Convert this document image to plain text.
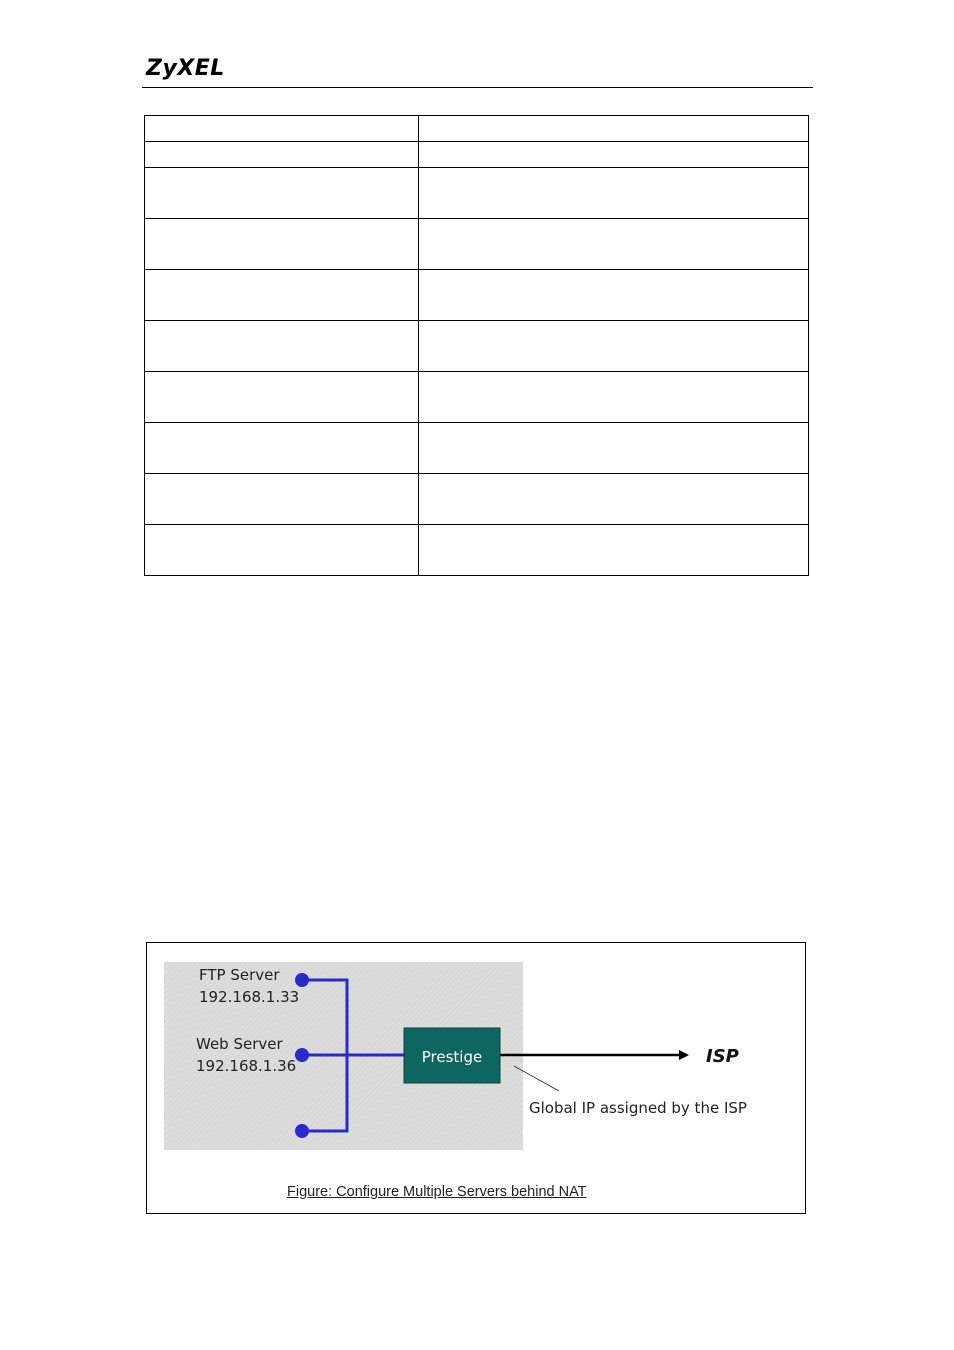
ZyXEL

FTP Server
192.168.1.33
Web Server
192.168.1.36	Prestige	ISP
Global IP assigned by the ISP
Figure: Configure Multiple Servers behind NAT
